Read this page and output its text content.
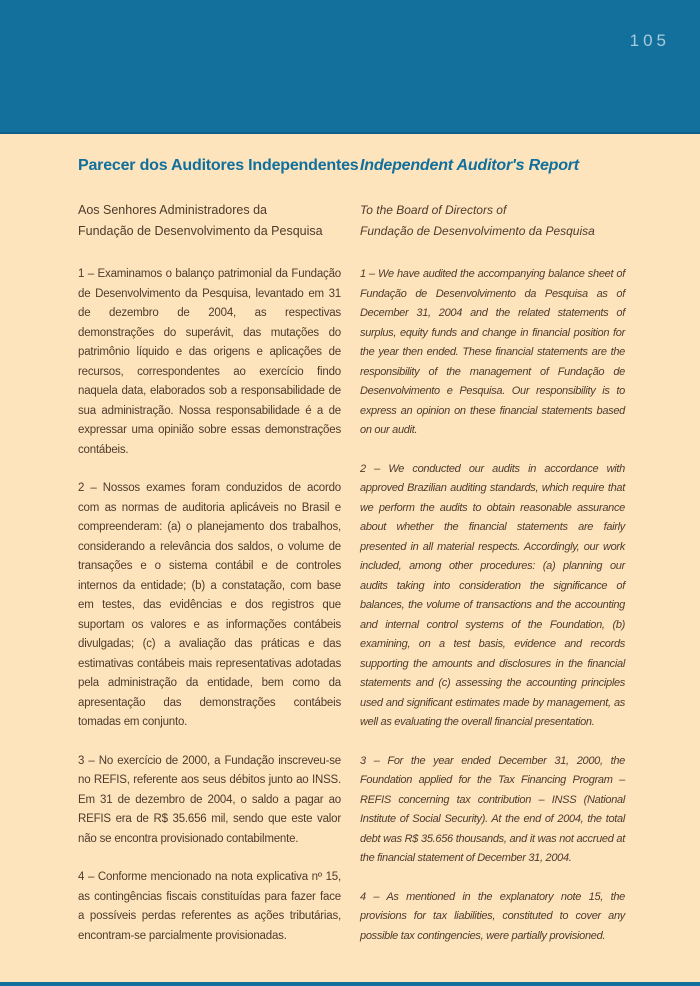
105
Parecer dos Auditores Independentes
Aos Senhores Administradores da
Fundação de Desenvolvimento da Pesquisa

1 – Examinamos o balanço patrimonial da Fundação de Desenvolvimento da Pesquisa, levantado em 31 de dezembro de 2004, as respectivas demonstrações do superávit, das mutações do patrimônio líquido e das origens e aplicações de recursos, correspondentes ao exercício findo naquela data, elaborados sob a responsabilidade de sua administração. Nossa responsabilidade é a de expressar uma opinião sobre essas demonstrações contábeis.

2 – Nossos exames foram conduzidos de acordo com as normas de auditoria aplicáveis no Brasil e compreenderam: (a) o planejamento dos trabalhos, considerando a relevância dos saldos, o volume de transações e o sistema contábil e de controles internos da entidade; (b) a constatação, com base em testes, das evidências e dos registros que suportam os valores e as informações contábeis divulgadas; (c) a avaliação das práticas e das estimativas contábeis mais representativas adotadas pela administração da entidade, bem como da apresentação das demonstrações contábeis tomadas em conjunto.

3 – No exercício de 2000, a Fundação inscreveu-se no REFIS, referente aos seus débitos junto ao INSS. Em 31 de dezembro de 2004, o saldo a pagar ao REFIS era de R$ 35.656 mil, sendo que este valor não se encontra provisionado contabilmente.

4 – Conforme mencionado na nota explicativa nº 15, as contingências fiscais constituídas para fazer face a possíveis perdas referentes as ações tributárias, encontram-se parcialmente provisionadas.

Independent Auditor's Report
To the Board of Directors of
Fundação de Desenvolvimento da Pesquisa

1 – We have audited the accompanying balance sheet of Fundação de Desenvolvimento da Pesquisa as of December 31, 2004 and the related statements of surplus, equity funds and change in financial position for the year then ended. These financial statements are the responsibility of the management of Fundação de Desenvolvimento e Pesquisa. Our responsibility is to express an opinion on these financial statements based on our audit.

2 – We conducted our audits in accordance with approved Brazilian auditing standards, which require that we perform the audits to obtain reasonable assurance about whether the financial statements are fairly presented in all material respects. Accordingly, our work included, among other procedures: (a) planning our audits taking into consideration the significance of balances, the volume of transactions and the accounting and internal control systems of the Foundation, (b) examining, on a test basis, evidence and records supporting the amounts and disclosures in the financial statements and (c) assessing the accounting principles used and significant estimates made by management, as well as evaluating the overall financial presentation.

3 – For the year ended December 31, 2000, the Foundation applied for the Tax Financing Program – REFIS concerning tax contribution – INSS (National Institute of Social Security). At the end of 2004, the total debt was R$ 35.656 thousands, and it was not accrued at the financial statement of December 31, 2004.

4 – As mentioned in the explanatory note 15, the provisions for tax liabilities, constituted to cover any possible tax contingencies, were partially provisioned.
